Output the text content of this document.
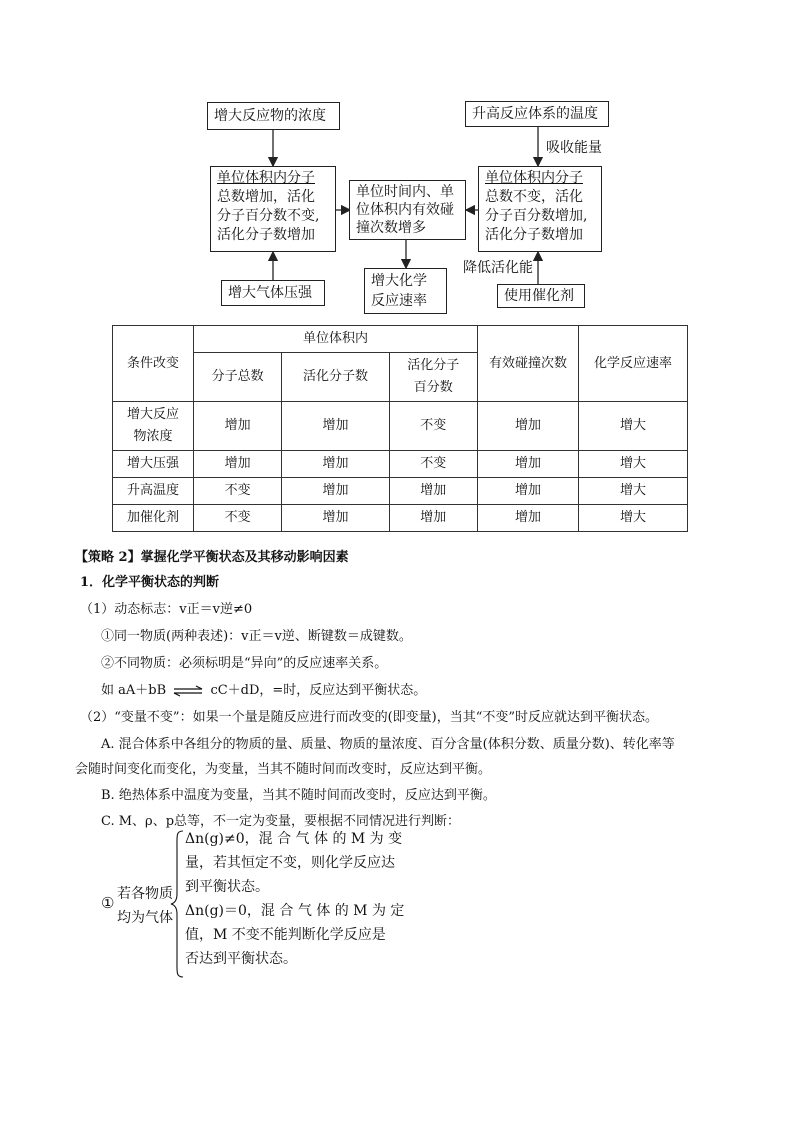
增大反应物的浓度	升高反应体系的温度
吸收能量
单位体积内分子
总数增加，活化
分子百分数不变,
活化分子数增加
单位时间内、单
位体积内有效碰
撞次数增多
单位体积内分子
总数不变，活化
分子百分数增加,
活化分子数增加
增大气体压强
增大化学
反应速率
降低活化能
使用催化剂
条件改变	单位体积内			有效碰撞次数	化学反应速率
	分子总数	活化分子数	活化分子
百分数		

增大反应
物浓度	增加	增加	不变	增加	增大
增大压强	增加	增加	不变	增加	增大
升高温度	不变	增加	增加	增加	增大
加催化剂	不变	增加	增加	增加	增大
【策略 2】掌握化学平衡状态及其移动影响因素
1．化学平衡状态的判断
（1）动态标志：v正＝v逆≠0
①同一物质(两种表述)：v正＝v逆、断键数＝成键数。
②不同物质：必须标明是“异向”的反应速率关系。
如 aA＋bB ⇌ cC＋dD，=时，反应达到平衡状态。
（2）“变量不变”：如果一个量是随反应进行而改变的(即变量)，当其“不变”时反应就达到平衡状态。
A. 混合体系中各组分的物质的量、质量、物质的量浓度、百分含量(体积分数、质量分数)、转化率等
会随时间变化而变化，为变量，当其不随时间而改变时，反应达到平衡。
B. 绝热体系中温度为变量，当其不随时间而改变时，反应达到平衡。
C. M、ρ、p总等，不一定为变量，要根据不同情况进行判断：
① 若各物质
均为气体
Δn(g)≠0，混 合 气 体 的 M 为 变
量，若其恒定不变，则化学反应达
到平衡状态。
Δn(g)＝0，混 合 气 体 的 M 为 定
值，M 不变不能判断化学反应是
否达到平衡状态。
